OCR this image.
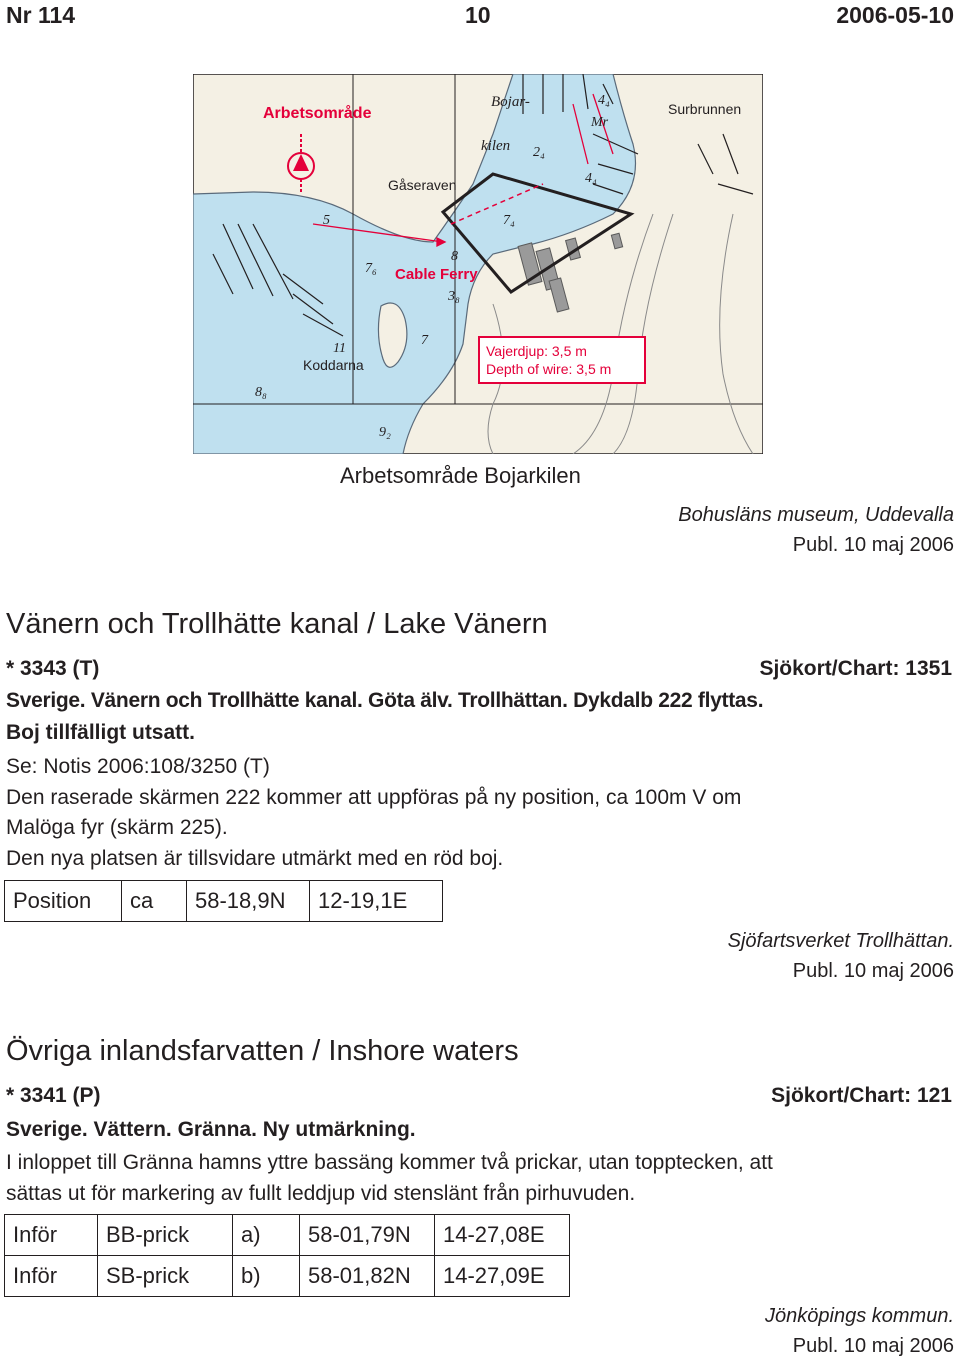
Nr 114	10	2006-05-10
Arbetsområde
Bojar-
kilen
Surbrunnen
Gåseraven
Koddarna
Cable Ferry
4₄
Mr
2₄
4₄
7₄
8
3₈
5
7₆
11
7
8₈
9₂
Vajerdjup: 3,5 m
Depth of wire: 3,5 m
Arbetsområde Bojarkilen
Bohusläns museum, Uddevalla
Publ. 10 maj 2006
Vänern och Trollhätte kanal / Lake Vänern
* 3343 (T)	Sjökort/Chart: 1351
Sverige. Vänern och Trollhätte kanal. Göta älv. Trollhättan. Dykdalb 222 flyttas.
Boj tillfälligt utsatt.
Se: Notis 2006:108/3250 (T)
Den raserade skärmen 222 kommer att uppföras på ny position, ca 100m V om
Malöga fyr (skärm 225).
Den nya platsen är tillsvidare utmärkt med en röd boj.
Position	ca	58-18,9N	12-19,1E
Sjöfartsverket Trollhättan.
Publ. 10 maj 2006
Övriga inlandsfarvatten / Inshore waters
* 3341 (P)	Sjökort/Chart: 121
Sverige. Vättern. Gränna. Ny utmärkning.
I inloppet till Gränna hamns yttre bassäng kommer två prickar, utan topptecken, att
sättas ut för markering av fullt leddjup vid stenslänt från pirhuvuden.
Inför	BB-prick	a)	58-01,79N	14-27,08E
Inför	SB-prick	b)	58-01,82N	14-27,09E
Jönköpings kommun.
Publ. 10 maj 2006
